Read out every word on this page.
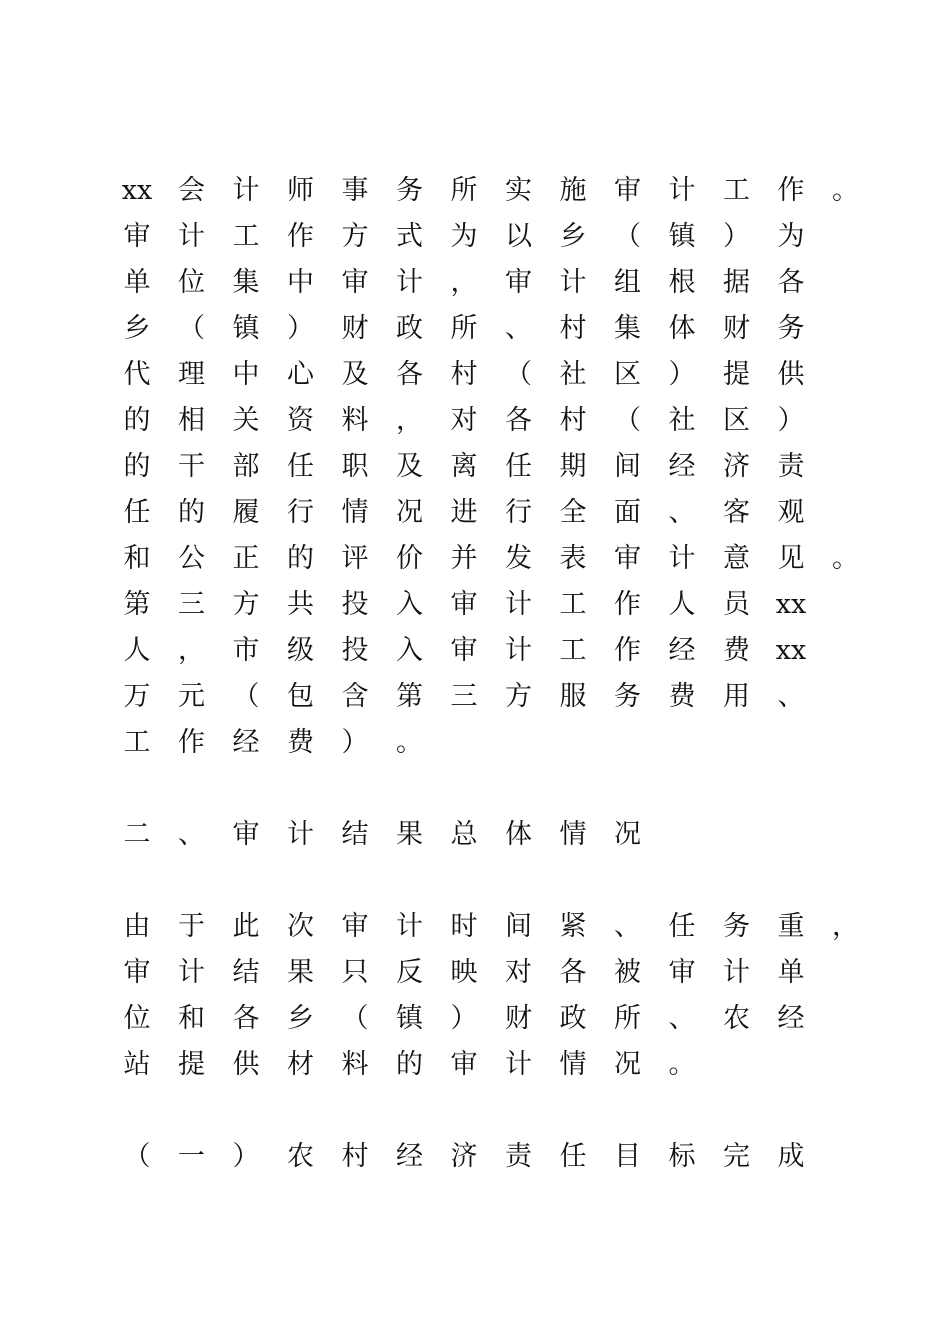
xx 会 计 师 事 务 所 实 施 审 计 工 作 。
审 计 工 作 方 式 为 以 乡 （ 镇 ） 为
单 位 集 中 审 计 ， 审 计 组 根 据 各
乡 （ 镇 ） 财 政 所 、 村 集 体 财 务
代 理 中 心 及 各 村 （ 社 区 ） 提 供
的 相 关 资 料 ， 对 各 村 （ 社 区 ）
的 干 部 任 职 及 离 任 期 间 经 济 责
任 的 履 行 情 况 进 行 全 面 、 客 观
和 公 正 的 评 价 并 发 表 审 计 意 见 。
第 三 方 共 投 入 审 计 工 作 人 员 xx
人 ， 市 级 投 入 审 计 工 作 经 费 xx
万 元 （ 包 含 第 三 方 服 务 费 用 、
工 作 经 费 ） 。
二 、 审 计 结 果 总 体 情 况
由 于 此 次 审 计 时 间 紧 、 任 务 重 ，
审 计 结 果 只 反 映 对 各 被 审 计 单
位 和 各 乡 （ 镇 ） 财 政 所 、 农 经
站 提 供 材 料 的 审 计 情 况 。
（ 一 ） 农 村 经 济 责 任 目 标 完 成
